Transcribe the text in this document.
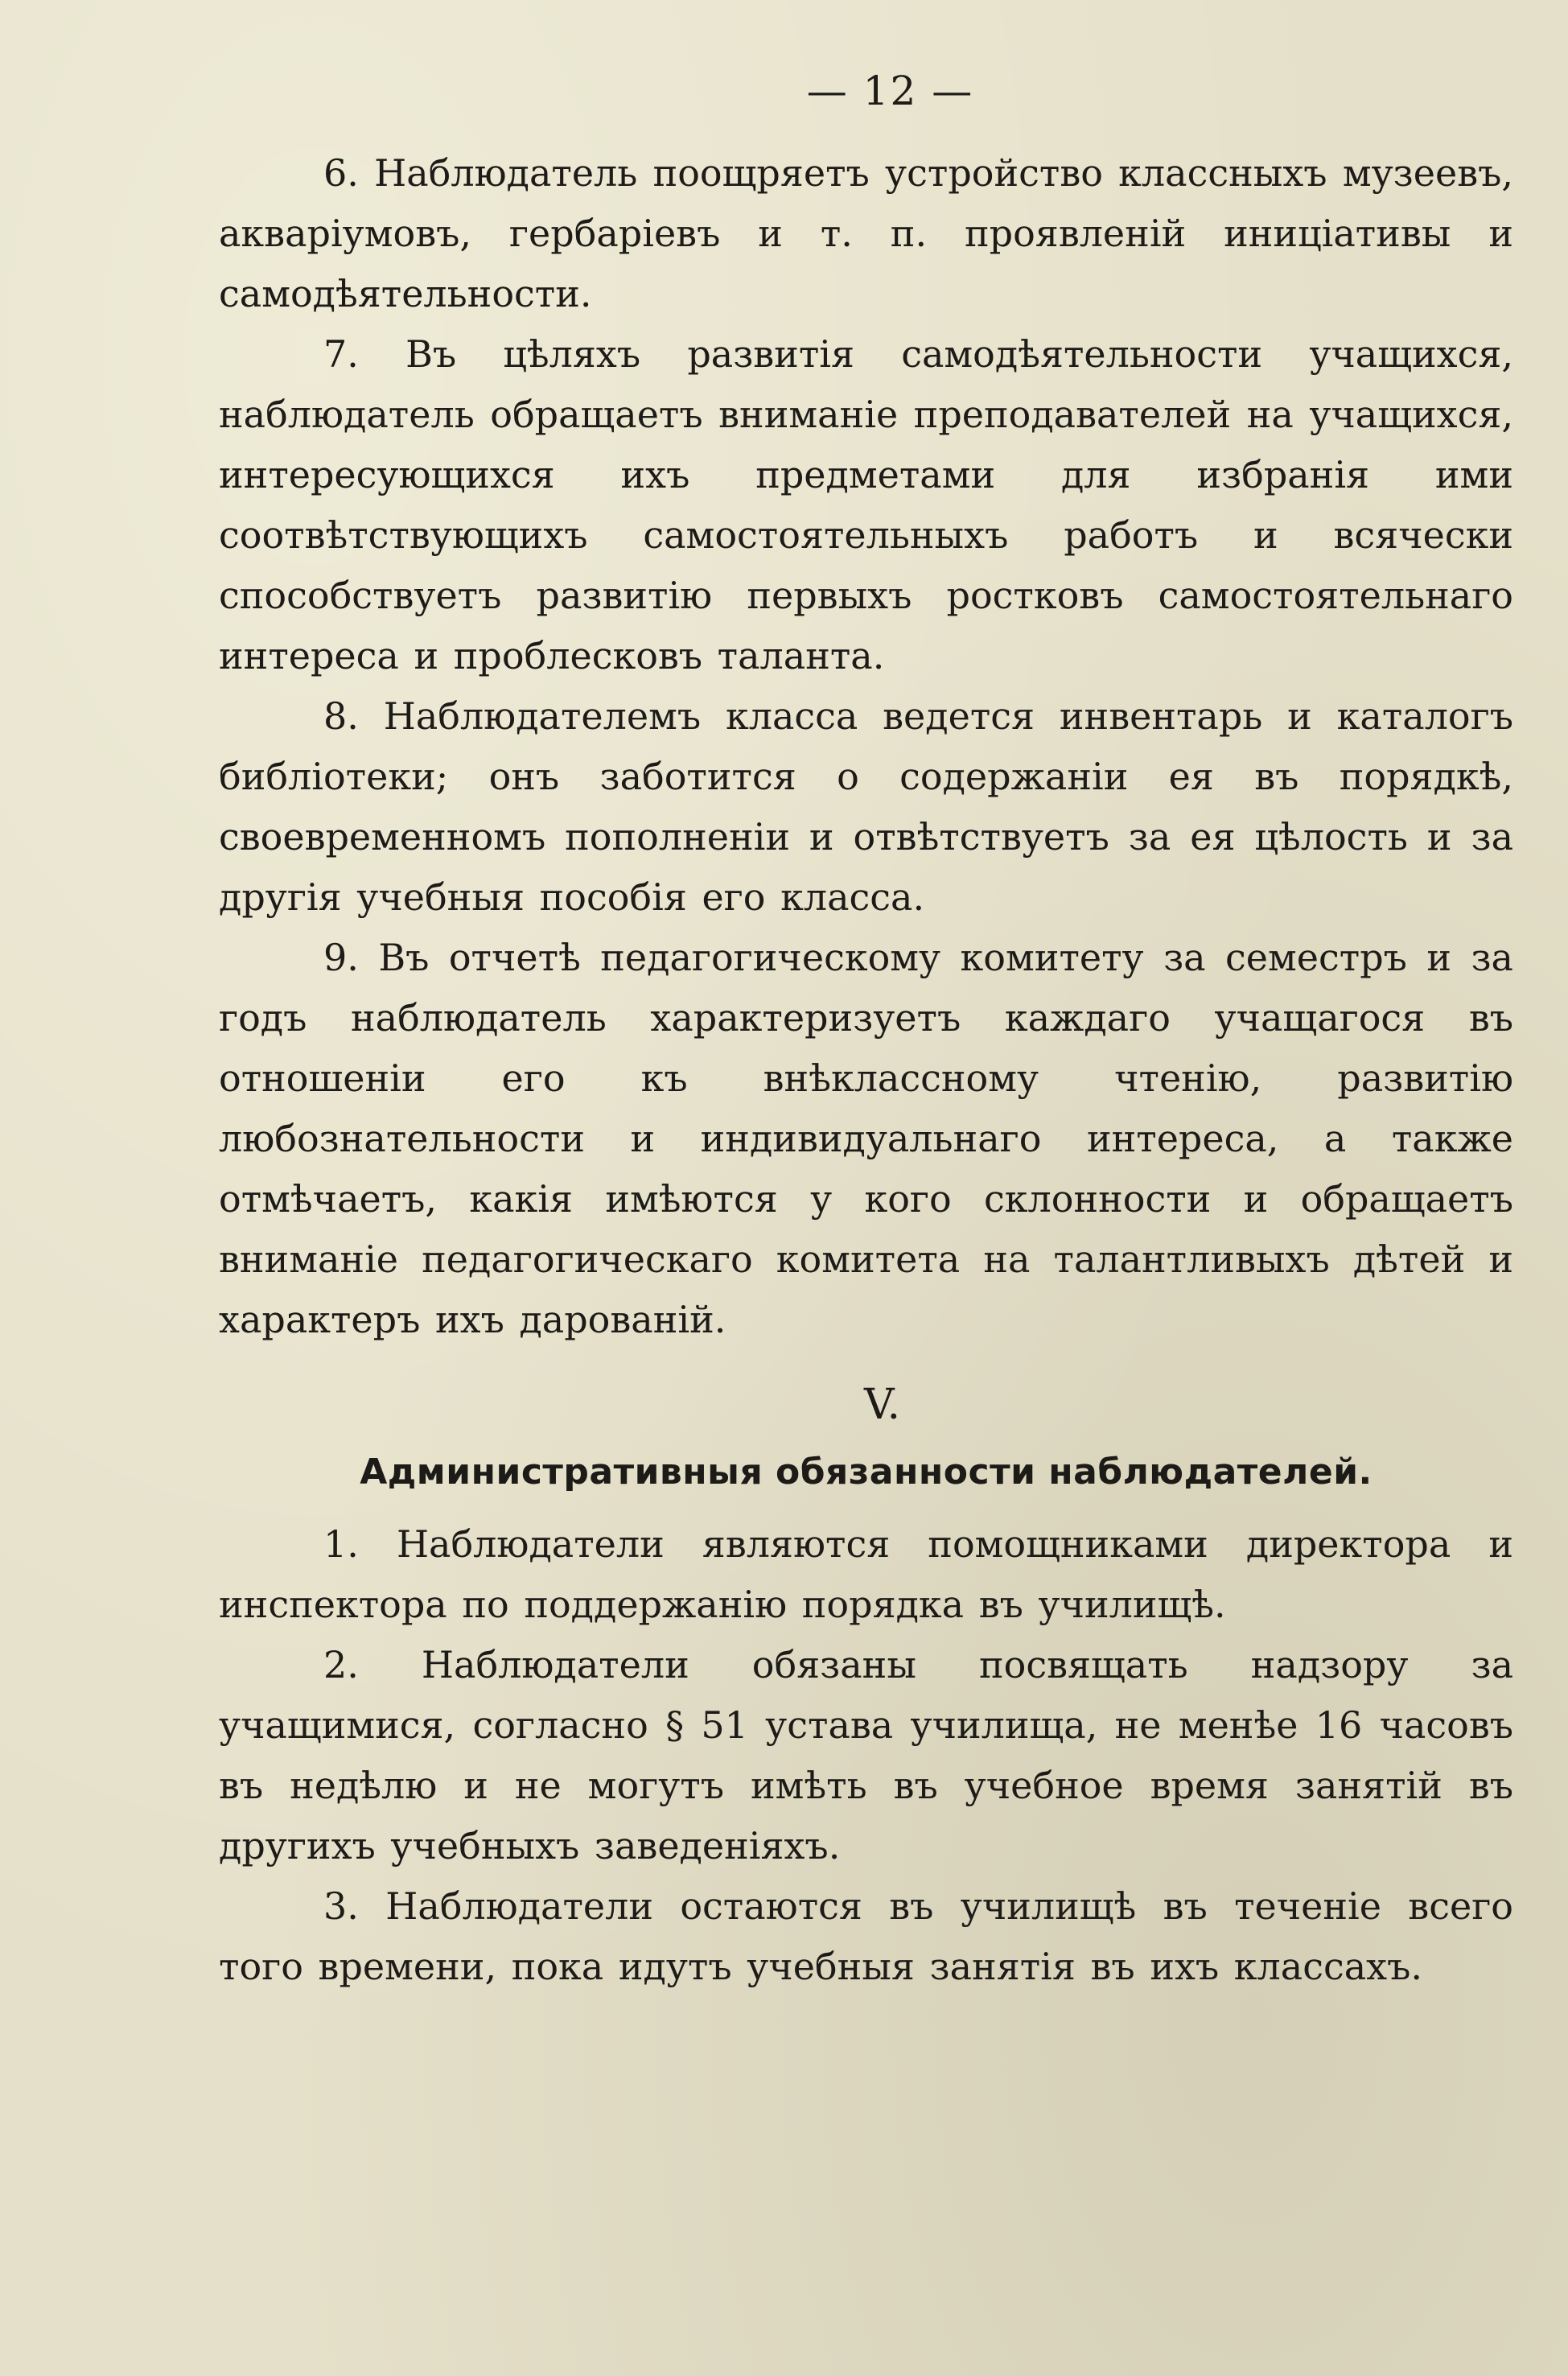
— 12 —

6. Наблюдатель поощряетъ устройство классныхъ музеевъ, акваріумовъ, гербаріевъ и т. п. проявленій иниціативы и самодѣятельности.

7. Въ цѣляхъ развитія самодѣятельности учащихся, наблюдатель обращаетъ вниманіе преподавателей на учащихся, интересующихся ихъ предметами для избранія ими соотвѣтствующихъ самостоятельныхъ работъ и всячески способствуетъ развитію первыхъ ростковъ самостоятельнаго интереса и проблесковъ таланта.

8. Наблюдателемъ класса ведется инвентарь и каталогъ библіотеки; онъ заботится о содержаніи ея въ порядкѣ, своевременномъ пополненіи и отвѣтствуетъ за ея цѣлость и за другія учебныя пособія его класса.

9. Въ отчетѣ педагогическому комитету за семестръ и за годъ наблюдатель характеризуетъ каждаго учащагося въ отношеніи его къ внѣклассному чтенію, развитію любознательности и индивидуальнаго интереса, а также отмѣчаетъ, какія имѣются у кого склонности и обращаетъ вниманіе педагогическаго комитета на талантливыхъ дѣтей и характеръ ихъ дарованій.

V.
Административныя обязанности наблюдателей.

1. Наблюдатели являются помощниками директора и инспектора по поддержанію порядка въ училищѣ.

2. Наблюдатели обязаны посвящать надзору за учащимися, согласно § 51 устава училища, не менѣе 16 часовъ въ недѣлю и не могутъ имѣть въ учебное время занятій въ другихъ учебныхъ заведеніяхъ.

3. Наблюдатели остаются въ училищѣ въ теченіе всего того времени, пока идутъ учебныя занятія въ ихъ классахъ.
